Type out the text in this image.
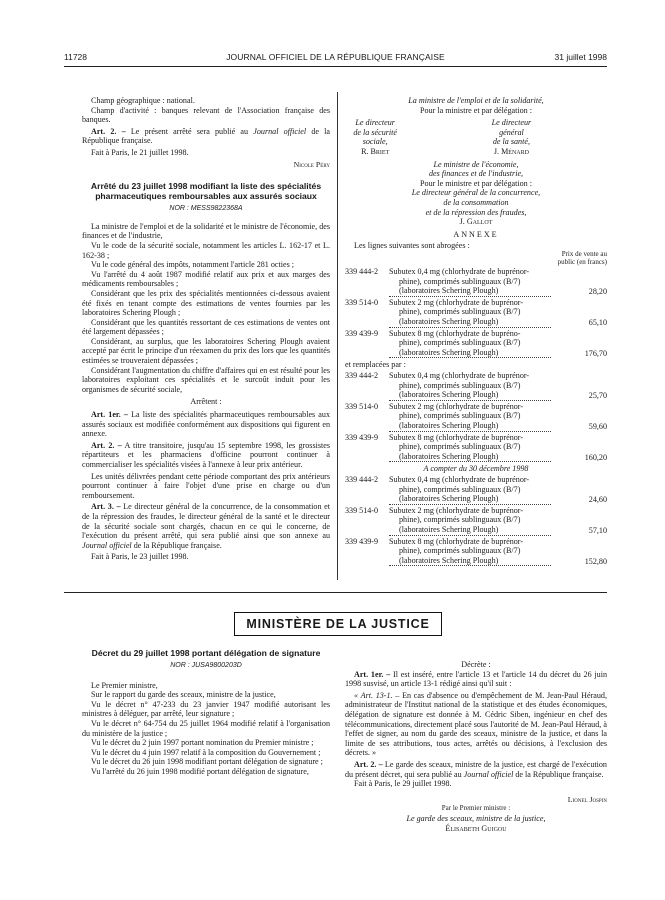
11728	JOURNAL OFFICIEL DE LA RÉPUBLIQUE FRANÇAISE	31 juillet 1998

Champ géographique : national.

Champ d'activité : banques relevant de l'Association française des banques.

Art. 2. – Le présent arrêté sera publié au Journal officiel de la République française.

Fait à Paris, le 21 juillet 1998.

Nicole Péry
Arrêté du 23 juillet 1998 modifiant la liste des spécialités pharmaceutiques remboursables aux assurés sociaux
NOR : MESS9822368A

La ministre de l'emploi et de la solidarité et le ministre de l'économie, des finances et de l'industrie,

Vu le code de la sécurité sociale, notamment les articles L. 162-17 et L. 162-38 ;

Vu le code général des impôts, notamment l'article 281 octies ;

Vu l'arrêté du 4 août 1987 modifié relatif aux prix et aux marges des médicaments remboursables ;

Considérant que les prix des spécialités mentionnées ci-dessous avaient été fixés en tenant compte des estimations de ventes fournies par les laboratoires Schering Plough ;

Considérant que les quantités ressortant de ces estimations de ventes ont été largement dépassées ;

Considérant, au surplus, que les laboratoires Schering Plough avaient accepté par écrit le principe d'un réexamen du prix des lors que les quantités estimées se trouveraient dépassées ;

Considérant l'augmentation du chiffre d'affaires qui en est résulté pour les laboratoires exploitant ces spécialités et le surcoût induit pour les organismes de sécurité sociale,

Arrêtent :

Art. 1er. – La liste des spécialités pharmaceutiques remboursables aux assurés sociaux est modifiée conformément aux dispositions qui figurent en annexe.

Art. 2. – A titre transitoire, jusqu'au 15 septembre 1998, les grossistes répartiteurs et les pharmaciens d'officine pourront continuer à commercialiser les spécialités visées à l'annexe à leur prix antérieur.

Les unités délivrées pendant cette période comportant des prix antérieurs pourront continuer à faire l'objet d'une prise en charge ou d'un remboursement.

Art. 3. – Le directeur général de la concurrence, de la consommation et de la répression des fraudes, le directeur général de la santé et le directeur de la sécurité sociale sont chargés, chacun en ce qui le concerne, de l'exécution du présent arrêté, qui sera publié ainsi que son annexe au Journal officiel de la République française.

Fait à Paris, le 23 juillet 1998.

La ministre de l'emploi et de la solidarité,
Pour la ministre et par délégation :
Le directeur
de la sécurité sociale,
R. Briet
Le directeur général
de la santé,
J. Ménard
Le ministre de l'économie,
des finances et de l'industrie,
Pour le ministre et par délégation :
Le directeur général de la concurrence,
de la consommation
et de la répression des fraudes,
J. Gallot
ANNEXE

Les lignes suivantes sont abrogées :

Prix de vente au public (en francs)
339 444-2	Subutex 0,4 mg (chlorhydrate de buprénor-
phine), comprimés sublinguaux (B/7)
(laboratoires Schering Plough)	28,20
339 514-0	Subutex 2 mg (chlorhydrate de buprénor-
phine), comprimés sublinguaux (B/7)
(laboratoires Schering Plough)	65,10
339 439-9	Subutex 8 mg (chlorhydrate de bupréno-
phine), comprimés sublinguaux (B/7)
(laboratoires Schering Plough)	176,70

et remplacées par :

339 444-2	Subutex 0,4 mg (chlorhydrate de buprénor-
phine), comprimés sublinguaux (B/7)
(laboratoires Schering Plough)	25,70
339 514-0	Subutex 2 mg (chlorhydrate de buprénor-
phine), comprimés sublinguaux (B/7)
(laboratoires Schering Plough)	59,60
339 439-9	Subutex 8 mg (chlorhydrate de buprénor-
phine), comprimés sublinguaux (B/7)
(laboratoires Schering Plough)	160,20
A compter du 30 décembre 1998
339 444-2	Subutex 0,4 mg (chlorhydrate de buprénor-
phine), comprimés sublinguaux (B/7)
(laboratoires Schering Plough)	24,60
339 514-0	Subutex 2 mg (chlorhydrate de buprénor-
phine), comprimés sublinguaux (B/7)
(laboratoires Schering Plough)	57,10
339 439-9	Subutex 8 mg (chlorhydrate de buprénor-
phine), comprimés sublinguaux (B/7)
(laboratoires Schering Plough)	152,80
MINISTÈRE DE LA JUSTICE
Décret du 29 juillet 1998 portant délégation de signature
NOR : JUSA9800203D

Le Premier ministre,

Sur le rapport du garde des sceaux, ministre de la justice,

Vu le décret n° 47-233 du 23 janvier 1947 modifié autorisant les ministres à déléguer, par arrêté, leur signature ;

Vu le décret n° 64-754 du 25 juillet 1964 modifié relatif à l'organisation du ministère de la justice ;

Vu le décret du 2 juin 1997 portant nomination du Premier ministre ;

Vu le décret du 4 juin 1997 relatif à la composition du Gouvernement ;

Vu le décret du 26 juin 1998 modifiant portant délégation de signature ;

Vu l'arrêté du 26 juin 1998 modifié portant délégation de signature,

Décrète :

Art. 1er. – Il est inséré, entre l'article 13 et l'article 14 du décret du 26 juin 1998 susvisé, un article 13-1 rédigé ainsi qu'il suit :

« Art. 13-1. – En cas d'absence ou d'empêchement de M. Jean-Paul Héraud, administrateur de l'Institut national de la statistique et des études économiques, délégation de signature est donnée à M. Cédric Siben, ingénieur en chef des télécommunications, directement placé sous l'autorité de M. Jean-Paul Héraud, à l'effet de signer, au nom du garde des sceaux, ministre de la justice, et dans la limite de ses attributions, tous actes, arrêtés ou décisions, à l'exclusion des décrets. »

Art. 2. – Le garde des sceaux, ministre de la justice, est chargé de l'exécution du présent décret, qui sera publié au Journal officiel de la République française.

Fait à Paris, le 29 juillet 1998.

Lionel Jospin
Par le Premier ministre :
Le garde des sceaux, ministre de la justice,
Élisabeth Guigou
